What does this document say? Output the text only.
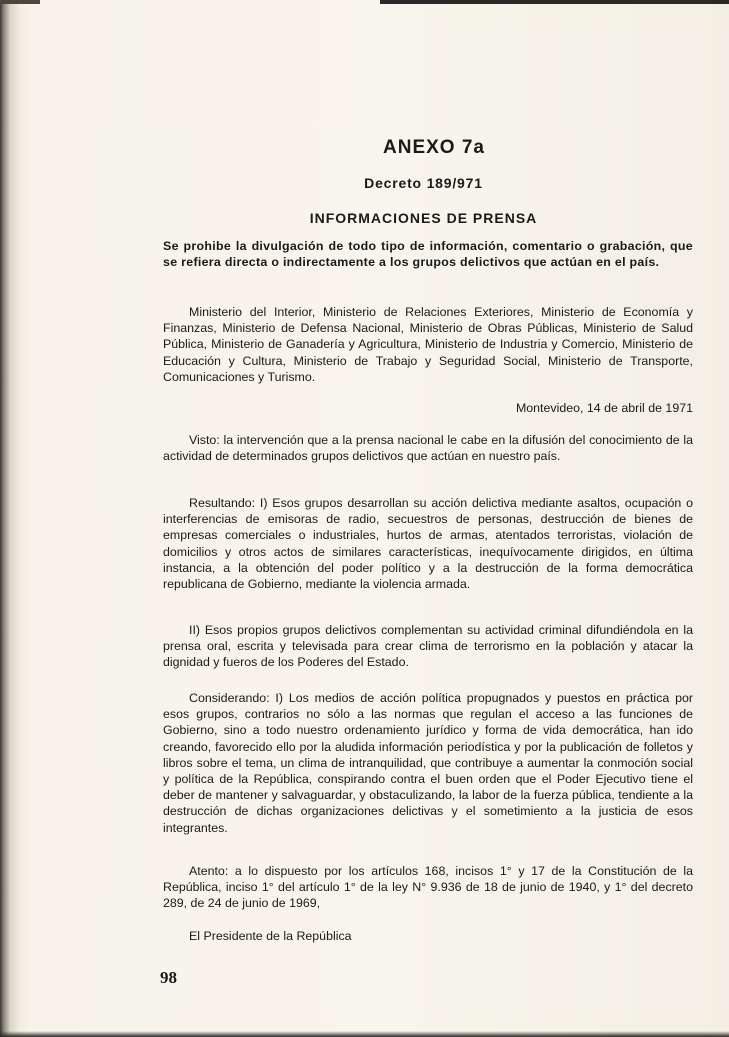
ANEXO 7a
Decreto 189/971
INFORMACIONES DE PRENSA

Se prohibe la divulgación de todo tipo de información, comentario o grabación, que se refiera directa o indirectamente a los grupos delictivos que actúan en el país.

Ministerio del Interior, Ministerio de Relaciones Exteriores, Ministerio de Economía y Finanzas, Ministerio de Defensa Nacional, Ministerio de Obras Públicas, Ministerio de Salud Pública, Ministerio de Ganadería y Agricultura, Ministerio de Industria y Comercio, Ministerio de Educación y Cultura, Ministerio de Trabajo y Seguridad Social, Ministerio de Transporte, Comunicaciones y Turismo.

Montevideo, 14 de abril de 1971

Visto: la intervención que a la prensa nacional le cabe en la difusión del conocimiento de la actividad de determinados grupos delictivos que actúan en nuestro país.

Resultando: I) Esos grupos desarrollan su acción delictiva mediante asaltos, ocupación o interferencias de emisoras de radio, secuestros de personas, destrucción de bienes de empresas comerciales o industriales, hurtos de armas, atentados terroristas, violación de domicilios y otros actos de similares características, inequívocamente dirigidos, en última instancia, a la obtención del poder político y a la destrucción de la forma democrática republicana de Gobierno, mediante la violencia armada.

II) Esos propios grupos delictivos complementan su actividad criminal difundiéndola en la prensa oral, escrita y televisada para crear clima de terrorismo en la población y atacar la dignidad y fueros de los Poderes del Estado.

Considerando: I) Los medios de acción política propugnados y puestos en práctica por esos grupos, contrarios no sólo a las normas que regulan el acceso a las funciones de Gobierno, sino a todo nuestro ordenamiento jurídico y forma de vida democrática, han ido creando, favorecido ello por la aludida información periodística y por la publicación de folletos y libros sobre el tema, un clima de intranquilidad, que contribuye a aumentar la conmoción social y política de la República, conspirando contra el buen orden que el Poder Ejecutivo tiene el deber de mantener y salvaguardar, y obstaculizando, la labor de la fuerza pública, tendiente a la destrucción de dichas organizaciones delictivas y el sometimiento a la justicia de esos integrantes.

Atento: a lo dispuesto por los artículos 168, incisos 1° y 17 de la Constitución de la República, inciso 1° del artículo 1° de la ley N° 9.936 de 18 de junio de 1940, y 1° del decreto 289, de 24 de junio de 1969,

El Presidente de la República

98
